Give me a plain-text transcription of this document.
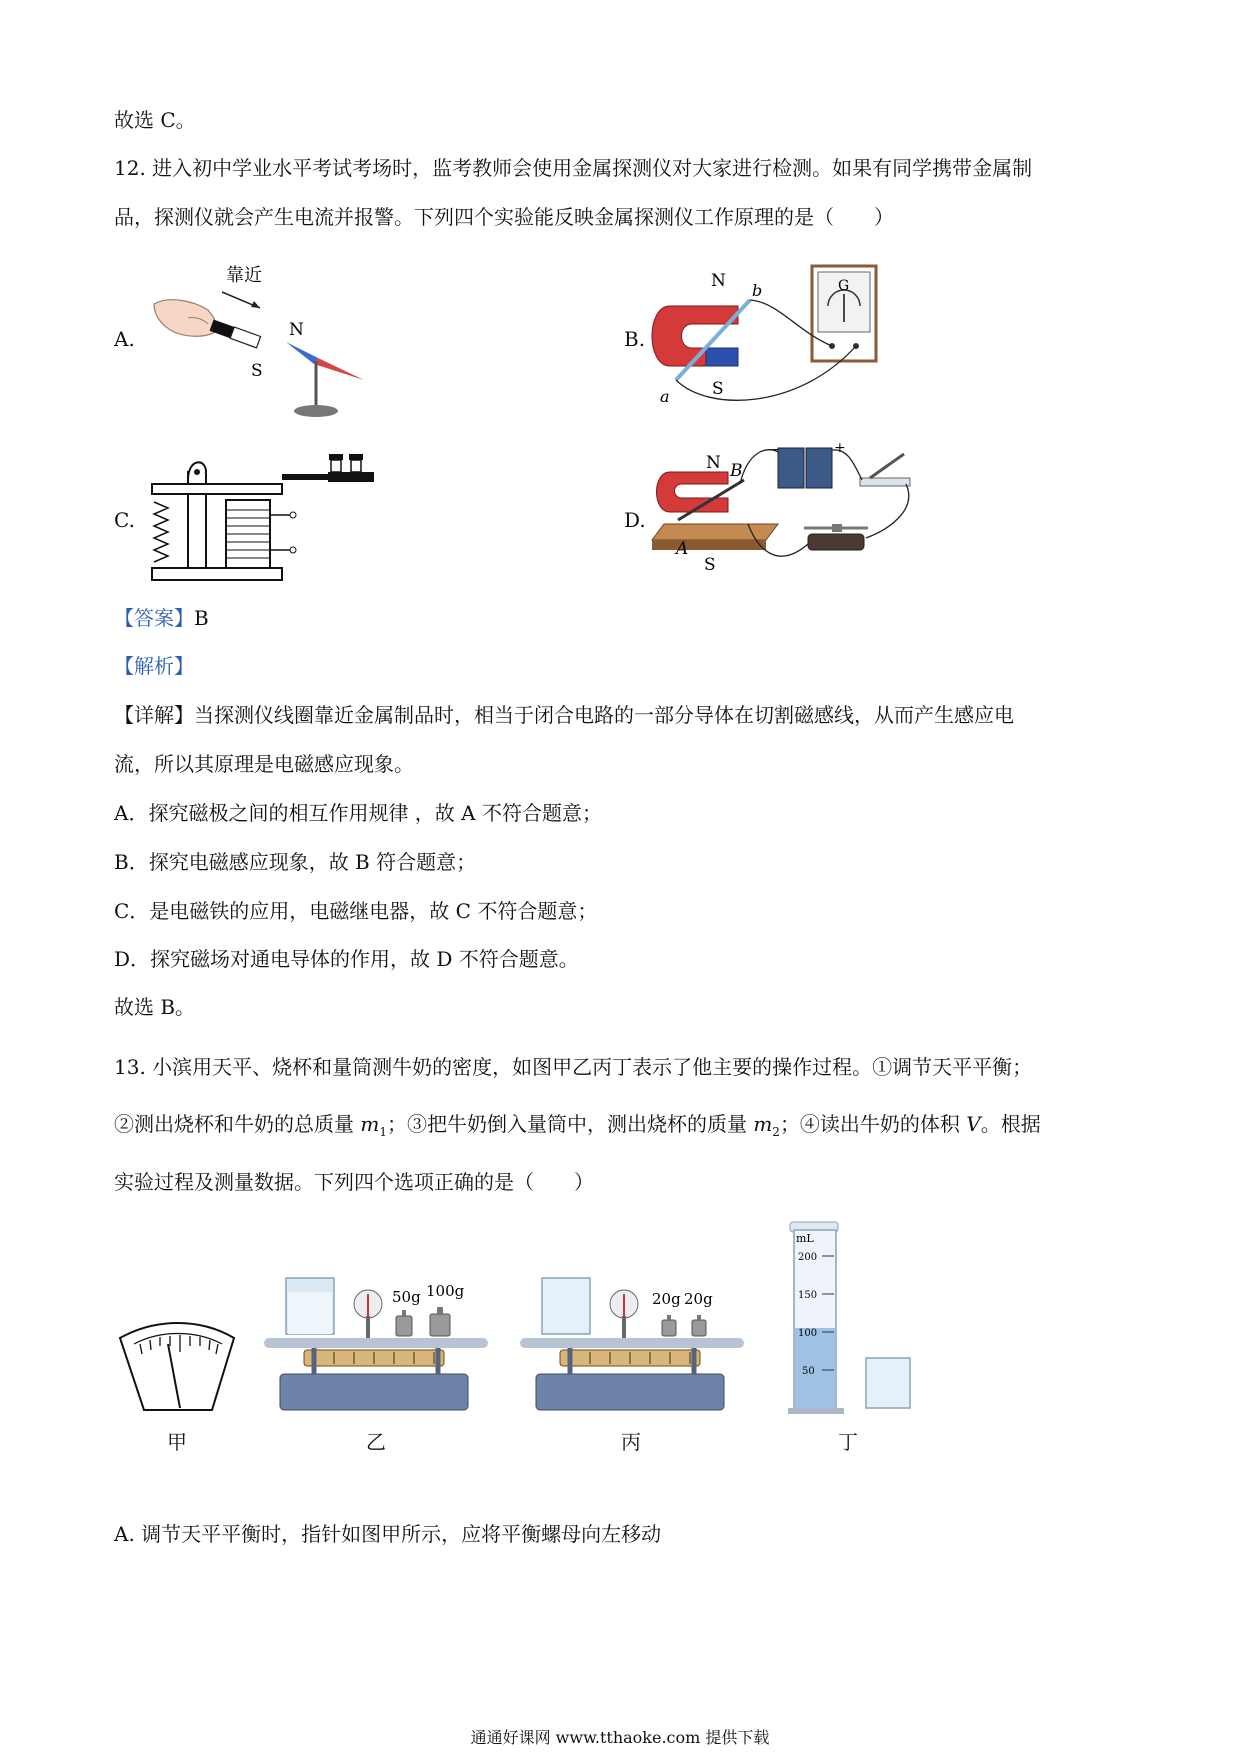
故选 C。
12. 进入初中学业水平考试考场时，监考教师会使用金属探测仪对大家进行检测。如果有同学携带金属制
品，探测仪就会产生电流并报警。下列四个实验能反映金属探测仪工作原理的是（　　）
A.	B.
C.	D.
靠近
S
N
G
N
S
a
b
N B
A
S
−	+
【答案】B
【解析】
【详解】当探测仪线圈靠近金属制品时，相当于闭合电路的一部分导体在切割磁感线，从而产生感应电
流，所以其原理是电磁感应现象。
A．探究磁极之间的相互作用规律 ，故 A 不符合题意；
B．探究电磁感应现象，故 B 符合题意；
C．是电磁铁的应用，电磁继电器，故 C 不符合题意；
D．探究磁场对通电导体的作用，故 D 不符合题意。
故选 B。
13. 小滨用天平、烧杯和量筒测牛奶的密度，如图甲乙丙丁表示了他主要的操作过程。①调节天平平衡；
②测出烧杯和牛奶的总质量 $m_1$；③把牛奶倒入量筒中，测出烧杯的质量 $m_2$；④读出牛奶的体积 V。根据
实验过程及测量数据。下列四个选项正确的是（　　）
50g 100g	20g 20g
mL
200
150
100
50
甲	乙	丙	丁
A. 调节天平平衡时，指针如图甲所示，应将平衡螺母向左移动
通通好课网 www.tthaoke.com 提供下载
